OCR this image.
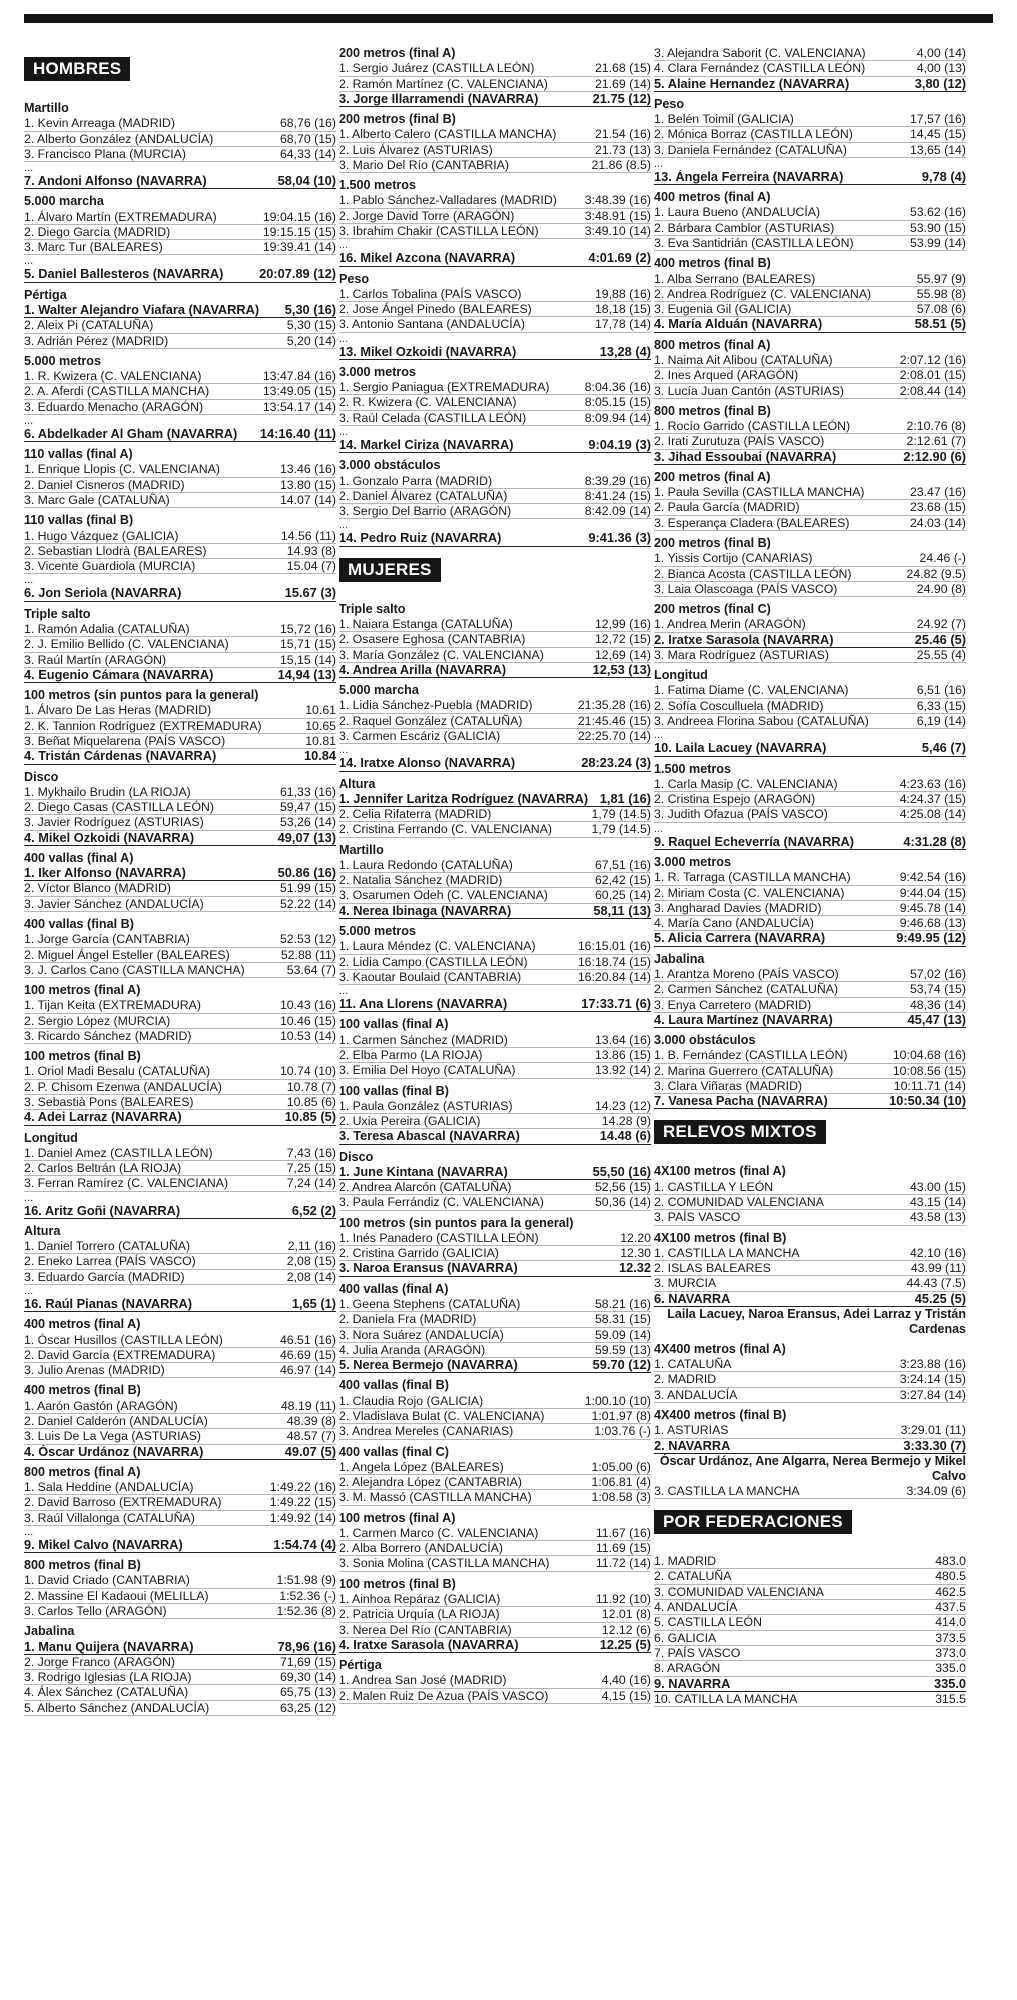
HOMBRES
Martillo
1. Kevin Arreaga (MADRID)	68,76 (16)
2. Alberto González (ANDALUCÍA)	68,70 (15)
3. Francisco Plana (MURCIA)	64,33 (14)
...
7. Andoni Alfonso (NAVARRA)	58,04 (10)
5.000 marcha
1. Álvaro Martín (EXTREMADURA)	19:04.15 (16)
2. Diego García (MADRID)	19:15.15 (15)
3. Marc Tur (BALEARES)	19:39.41 (14)
...
5. Daniel Ballesteros (NAVARRA)	20:07.89 (12)
Pértiga
1. Walter Alejandro Viafara (NAVARRA)	5,30 (16)
2. Aleix Pi (CATALUÑA)	5,30 (15)
3. Adrián Pérez (MADRID)	5,20 (14)
5.000 metros
1. R. Kwizera (C. VALENCIANA)	13:47.84 (16)
2. A. Aferdi (CASTILLA MANCHA)	13:49.05 (15)
3. Eduardo Menacho (ARAGÓN)	13:54.17 (14)
...
6. Abdelkader Al Gham (NAVARRA)	14:16.40 (11)
110 vallas (final A)
1. Enrique Llopis (C. VALENCIANA)	13.46 (16)
2. Daniel Cisneros (MADRID)	13.80 (15)
3. Marc Gale (CATALUÑA)	14.07 (14)
110 vallas (final B)
1. Hugo Vázquez (GALICIA)	14.56 (11)
2. Sebastian Llodrà (BALEARES)	14.93 (8)
3. Vicente Guardiola (MURCIA)	15.04 (7)
...
6. Jon Seriola (NAVARRA)	15.67 (3)
Triple salto
1. Ramón Adalia (CATALUÑA)	15,72 (16)
2. J. Emilio Bellido (C. VALENCIANA)	15,71 (15)
3. Raúl Martín (ARAGÓN)	15,15 (14)
4. Eugenio Cámara (NAVARRA)	14,94 (13)
100 metros (sin puntos para la general)
1. Álvaro De Las Heras (MADRID)	10.61
2. K. Tannion Rodríguez (EXTREMADURA)	10.65
3. Beñat Miquelarena (PAÍS VASCO)	10.81
4. Tristán Cárdenas (NAVARRA)	10.84
Disco
1. Mykhailo Brudin (LA RIOJA)	61,33 (16)
2. Diego Casas (CASTILLA LEÓN)	59,47 (15)
3. Javier Rodríguez (ASTURIAS)	53,26 (14)
4. Mikel Ozkoidi (NAVARRA)	49,07 (13)
400 vallas (final A)
1. Iker Alfonso (NAVARRA)	50.86 (16)
2. Víctor Blanco (MADRID)	51.99 (15)
3. Javier Sánchez (ANDALUCÍA)	52.22 (14)
400 vallas (final B)
1. Jorge García (CANTABRIA)	52.53 (12)
2. Miguel Ángel Esteller (BALEARES)	52.88 (11)
3. J. Carlos Cano (CASTILLA MANCHA)	53.64 (7)
100 metros (final A)
1. Tijan Keita (EXTREMADURA)	10.43 (16)
2. Sergio López (MURCIA)	10.46 (15)
3. Ricardo Sánchez (MADRID)	10.53 (14)
100 metros (final B)
1. Oriol Madi Besalu (CATALUÑA)	10.74 (10)
2. P. Chisom Ezenwa (ANDALUCÍA)	10.78 (7)
3. Sebastià Pons (BALEARES)	10.85 (6)
4. Adei Larraz (NAVARRA)	10.85 (5)
Longitud
1. Daniel Amez (CASTILLA LEÓN)	7,43 (16)
2. Carlos Beltrán (LA RIOJA)	7,25 (15)
3. Ferran Ramírez (C. VALENCIANA)	7,24 (14)
...
16. Aritz Goñi (NAVARRA)	6,52 (2)
Altura
1. Daniel Torrero (CATALUÑA)	2,11 (16)
2. Eneko Larrea (PAÍS VASCO)	2,08 (15)
3. Eduardo García (MADRID)	2,08 (14)
...
16. Raúl Pianas (NAVARRA)	1,65 (1)
400 metros (final A)
1. Óscar Husillos (CASTILLA LEÓN)	46.51 (16)
2. David García (EXTREMADURA)	46.69 (15)
3. Julio Arenas (MADRID)	46.97 (14)
400 metros (final B)
1. Aarón Gastón (ARAGÓN)	48.19 (11)
2. Daniel Calderón (ANDALUCÍA)	48.39 (8)
3. Luis De La Vega (ASTURIAS)	48.57 (7)
4. Óscar Urdánoz (NAVARRA)	49.07 (5)
800 metros (final A)
1. Sala Heddine (ANDALUCÍA)	1:49.22 (16)
2. David Barroso (EXTREMADURA)	1:49.22 (15)
3. Raúl Villalonga (CATALUÑA)	1:49.92 (14)
...
9. Mikel Calvo (NAVARRA)	1:54.74 (4)
800 metros (final B)
1. David Criado (CANTABRIA)	1:51.98 (9)
2. Massine El Kadaoui (MELILLA)	1:52.36 (-)
3. Carlos Tello (ARAGÓN)	1:52.36 (8)
Jabalina
1. Manu Quijera (NAVARRA)	78,96 (16)
2. Jorge Franco (ARAGÓN)	71,69 (15)
3. Rodrigo Iglesias (LA RIOJA)	69,30 (14)
4. Álex Sánchez (CATALUÑA)	65,75 (13)
5. Alberto Sánchez (ANDALUCÍA)	63,25 (12)
200 metros (final A)
1. Sergio Juárez (CASTILLA LEÓN)	21.68 (15)
2. Ramón Martínez (C. VALENCIANA)	21.69 (14)
3. Jorge Illarramendi (NAVARRA)	21.75 (12)
200 metros (final B)
1. Alberto Calero (CASTILLA MANCHA)	21.54 (16)
2. Luis Álvarez (ASTURIAS)	21.73 (13)
3. Mario Del Río (CANTABRIA)	21.86 (8.5)
1.500 metros
1. Pablo Sánchez-Valladares (MADRID)	3:48.39 (16)
2. Jorge David Torre (ARAGÓN)	3:48.91 (15)
3. Ibrahim Chakir (CASTILLA LEÓN)	3:49.10 (14)
...
16. Mikel Azcona (NAVARRA)	4:01.69 (2)
Peso
1. Carlos Tobalina (PAÍS VASCO)	19,88 (16)
2. Jose Ángel Pinedo (BALEARES)	18,18 (15)
3. Antonio Santana (ANDALUCÍA)	17,78 (14)
...
13. Mikel Ozkoidi (NAVARRA)	13,28 (4)
3.000 metros
1. Sergio Paniagua (EXTREMADURA)	8:04.36 (16)
2. R. Kwizera (C. VALENCIANA)	8:05.15 (15)
3. Raúl Celada (CASTILLA LEÓN)	8:09.94 (14)
...
14. Markel Ciriza (NAVARRA)	9:04.19 (3)
3.000 obstáculos
1. Gonzalo Parra (MADRID)	8:39.29 (16)
2. Daniel Álvarez (CATALUÑA)	8:41.24 (15)
3. Sergio Del Barrio (ARAGÓN)	8:42.09 (14)
...
14. Pedro Ruiz (NAVARRA)	9:41.36 (3)
MUJERES
Triple salto
1. Naiara Estanga (CATALUÑA)	12,99 (16)
2. Osasere Eghosa (CANTABRIA)	12,72 (15)
3. María González (C. VALENCIANA)	12,69 (14)
4. Andrea Arilla (NAVARRA)	12,53 (13)
5.000 marcha
1. Lidia Sánchez-Puebla (MADRID)	21:35.28 (16)
2. Raquel González (CATALUÑA)	21:45.46 (15)
3. Carmen Escáriz (GALICIA)	22:25.70 (14)
...
14. Iratxe Alonso (NAVARRA)	28:23.24 (3)
Altura
1. Jennifer Laritza Rodríguez (NAVARRA) 1,81 (16)
2. Celia Rifaterra (MADRID)	1,79 (14.5)
2. Cristina Ferrando (C. VALENCIANA)	1,79 (14.5)
Martillo
1. Laura Redondo (CATALUÑA)	67,51 (16)
2. Natalia Sánchez (MADRID)	62,42 (15)
3. Osarumen Odeh (C. VALENCIANA)	60,25 (14)
4. Nerea Ibinaga (NAVARRA)	58,11 (13)
5.000 metros
1. Laura Méndez (C. VALENCIANA)	16:15.01 (16)
2. Lidia Campo (CASTILLA LEÓN)	16:18.74 (15)
3. Kaoutar Boulaid (CANTABRIA)	16:20.84 (14)
...
11. Ana Llorens (NAVARRA)	17:33.71 (6)
100 vallas (final A)
1. Carmen Sánchez (MADRID)	13.64 (16)
2. Elba Parmo (LA RIOJA)	13.86 (15)
3. Emilia Del Hoyo (CATALUÑA)	13.92 (14)
100 vallas (final B)
1. Paula González (ASTURIAS)	14.23 (12)
2. Uxia Pereira (GALICIA)	14.28 (9)
3. Teresa Abascal (NAVARRA)	14.48 (6)
Disco
1. June Kintana (NAVARRA)	55,50 (16)
2. Andrea Alarcón (CATALUÑA)	52,56 (15)
3. Paula Ferrándiz (C. VALENCIANA)	50,36 (14)
100 metros (sin puntos para la general)
1. Inés Panadero (CASTILLA LEÓN)	12.20
2. Cristina Garrido (GALICIA)	12.30
3. Naroa Eransus (NAVARRA)	12.32
400 vallas (final A)
1. Geena Stephens (CATALUÑA)	58.21 (16)
2. Daniela Fra (MADRID)	58.31 (15)
3. Nora Suárez (ANDALUCÍA)	59.09 (14)
4. Julia Aranda (ARAGÓN)	59.59 (13)
5. Nerea Bermejo (NAVARRA)	59.70 (12)
400 vallas (final B)
1. Claudia Rojo (GALICIA)	1:00.10 (10)
2. Vladislava Bulat (C. VALENCIANA)	1:01.97 (8)
3. Andrea Mereles (CANARIAS)	1:03.76 (-)
400 vallas (final C)
1. Angela López (BALEARES)	1:05.00 (6)
2. Alejandra López (CANTABRIA)	1:06.81 (4)
3. M. Massó (CASTILLA MANCHA)	1:08.58 (3)
100 metros (final A)
1. Carmen Marco (C. VALENCIANA)	11.67 (16)
2. Alba Borrero (ANDALUCÍA)	11.69 (15)
3. Sonia Molina (CASTILLA MANCHA)	11.72 (14)
100 metros (final B)
1. Ainhoa Repáraz (GALICIA)	11.92 (10)
2. Patricia Urquía (LA RIOJA)	12.01 (8)
3. Nerea Del Río (CANTABRIA)	12.12 (6)
4. Iratxe Sarasola (NAVARRA)	12.25 (5)
Pértiga
1. Andrea San José (MADRID)	4,40 (16)
2. Malen Ruiz De Azua (PAÍS VASCO)	4,15 (15)
3. Alejandra Saborit (C. VALENCIANA)	4,00 (14)
4. Clara Fernández (CASTILLA LEÓN)	4,00 (13)
5. Alaine Hernandez (NAVARRA)	3,80 (12)
Peso
1. Belén Toimil (GALICIA)	17,57 (16)
2. Mónica Borraz (CASTILLA LEÓN)	14,45 (15)
3. Daniela Fernández (CATALUÑA)	13,65 (14)
...
13. Ángela Ferreira (NAVARRA)	9,78 (4)
400 metros (final A)
1. Laura Bueno (ANDALUCÍA)	53.62 (16)
2. Bárbara Camblor (ASTURIAS)	53.90 (15)
3. Eva Santidrián (CASTILLA LEÓN)	53.99 (14)
400 metros (final B)
1. Alba Serrano (BALEARES)	55.97 (9)
2. Andrea Rodríguez (C. VALENCIANA)	55.98 (8)
3. Eugenia Gil (GALICIA)	57.08 (6)
4. María Alduán (NAVARRA)	58.51 (5)
800 metros (final A)
1. Naima Ait Alibou (CATALUÑA)	2:07.12 (16)
2. Ines Arqued (ARAGÓN)	2:08.01 (15)
3. Lucía Juan Cantón (ASTURIAS)	2:08.44 (14)
800 metros (final B)
1. Rocío Garrido (CASTILLA LEÓN)	2:10.76 (8)
2. Irati Zurutuza (PAÍS VASCO)	2:12.61 (7)
3. Jihad Essoubai (NAVARRA)	2:12.90 (6)
200 metros (final A)
1. Paula Sevilla (CASTILLA MANCHA)	23.47 (16)
2. Paula García (MADRID)	23.68 (15)
3. Esperança Cladera (BALEARES)	24.03 (14)
200 metros (final B)
1. Yissis Cortijo (CANARIAS)	24.46 (-)
2. Bianca Acosta (CASTILLA LEÓN)	24.82 (9.5)
3. Laia Olascoaga (PAÍS VASCO)	24.90 (8)
200 metros (final C)
1. Andrea Merin (ARAGÓN)	24.92 (7)
2. Iratxe Sarasola (NAVARRA)	25.46 (5)
3. Mara Rodríguez (ASTURIAS)	25.55 (4)
Longitud
1. Fatima Diame (C. VALENCIANA)	6,51 (16)
2. Sofía Cosculluela (MADRID)	6,33 (15)
3. Andreea Florina Sabou (CATALUÑA)	6,19 (14)
...
10. Laila Lacuey (NAVARRA)	5,46 (7)
1.500 metros
1. Carla Masip (C. VALENCIANA)	4:23.63 (16)
2. Cristina Espejo (ARAGÓN)	4:24.37 (15)
3. Judith Ofazua (PAÍS VASCO)	4:25.08 (14)
...
9. Raquel Echeverría (NAVARRA)	4:31.28 (8)
3.000 metros
1. R. Tarraga (CASTILLA MANCHA)	9:42.54 (16)
2. Miriam Costa (C. VALENCIANA)	9:44.04 (15)
3. Angharad Davies (MADRID)	9:45.78 (14)
4. María Cano (ANDALUCÍA)	9:46.68 (13)
5. Alicia Carrera (NAVARRA)	9:49.95 (12)
Jabalina
1. Arantza Moreno (PAÍS VASCO)	57,02 (16)
2. Carmen Sánchez (CATALUÑA)	53,74 (15)
3. Enya Carretero (MADRID)	48,36 (14)
4. Laura Martínez (NAVARRA)	45,47 (13)
3.000 obstáculos
1. B. Fernández (CASTILLA LEÓN)	10:04.68 (16)
2. Marina Guerrero (CATALUÑA)	10:08.56 (15)
3. Clara Viñaras (MADRID)	10:11.71 (14)
7. Vanesa Pacha (NAVARRA)	10:50.34 (10)
RELEVOS MIXTOS
4X100 metros (final A)
1. CASTILLA Y LEÓN	43.00 (15)
2. COMUNIDAD VALENCIANA	43.15 (14)
3. PAÍS VASCO	43.58 (13)
4X100 metros (final B)
1. CASTILLA LA MANCHA	42.10 (16)
2. ISLAS BALEARES	43.99 (11)
3. MURCIA	44.43 (7.5)
6. NAVARRA	45.25 (5)
Laila Lacuey, Naroa Eransus, Adei Larraz y Tristán Cardenas
4X400 metros (final A)
1. CATALUÑA	3:23.88 (16)
2. MADRID	3:24.14 (15)
3. ANDALUCÍA	3:27.84 (14)
4X400 metros (final B)
1. ASTURIAS	3:29.01 (11)
2. NAVARRA	3:33.30 (7)
Óscar Urdánoz, Ane Algarra, Nerea Bermejo y Mikel Calvo
3. CASTILLA LA MANCHA	3:34.09 (6)
POR FEDERACIONES
1. MADRID	483.0
2. CATALUÑA	480.5
3. COMUNIDAD VALENCIANA	462.5
4. ANDALUCÍA	437.5
5. CASTILLA LEÓN	414.0
6. GALICIA	373.5
7. PAÍS VASCO	373.0
8. ARAGÓN	335.0
9. NAVARRA	335.0
10. CATILLA LA MANCHA	315.5
